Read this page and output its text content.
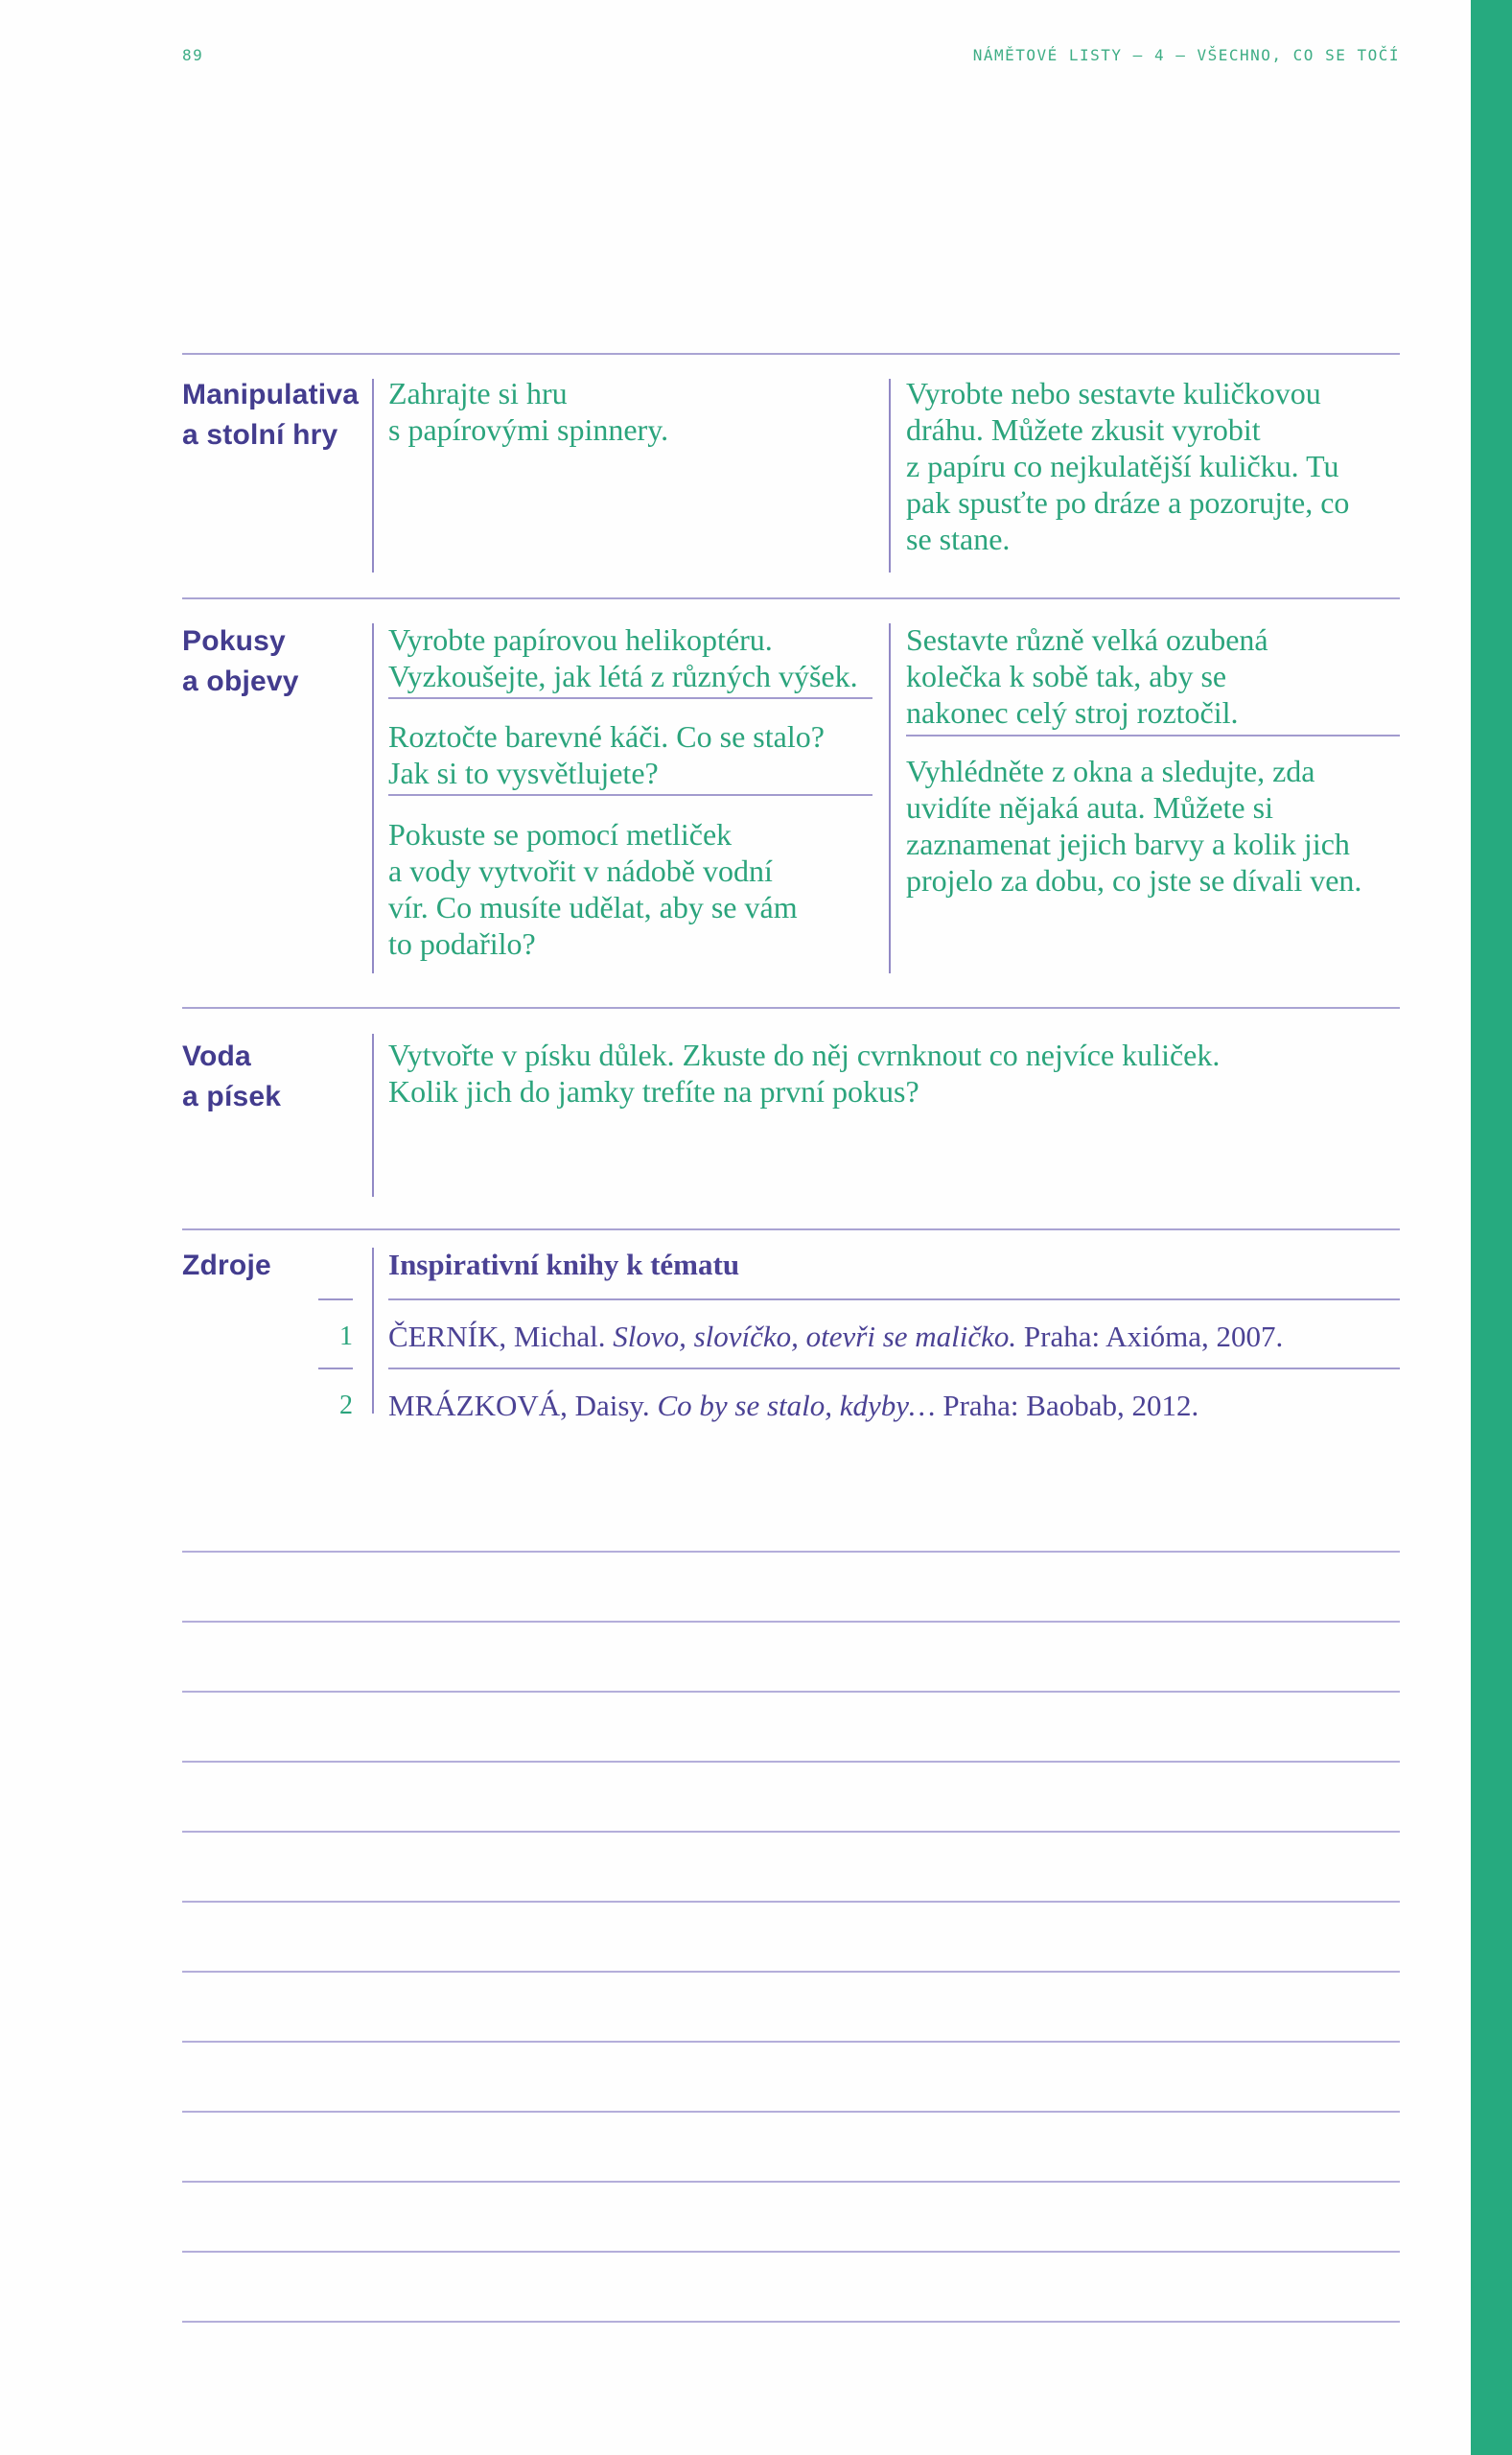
89	NÁMĚTOVÉ LISTY – 4 – VŠECHNO, CO SE TOČÍ
Manipulativa
a stolní hry
Zahrajte si hru
s papírovými spinnery.
Vyrobte nebo sestavte kuličkovou
dráhu. Můžete zkusit vyrobit
z papíru co nejkulatější kuličku. Tu
pak spusťte po dráze a pozorujte, co
se stane.
Pokusy
a objevy
Vyrobte papírovou helikoptéru.
Vyzkoušejte, jak létá z různých výšek.
Roztočte barevné káči. Co se stalo?
Jak si to vysvětlujete?
Pokuste se pomocí metliček
a vody vytvořit v nádobě vodní
vír. Co musíte udělat, aby se vám
to podařilo?
Sestavte různě velká ozubená
kolečka k sobě tak, aby se
nakonec celý stroj roztočil.
Vyhlédněte z okna a sledujte, zda
uvidíte nějaká auta. Můžete si
zaznamenat jejich barvy a kolik jich
projelo za dobu, co jste se dívali ven.
Voda
a písek
Vytvořte v písku důlek. Zkuste do něj cvrnknout co nejvíce kuliček.
Kolik jich do jamky trefíte na první pokus?
Zdroje	Inspirativní knihy k tématu
1 ČERNÍK, Michal. Slovo, slovíčko, otevři se maličko. Praha: Axióma, 2007.
2 MRÁZKOVÁ, Daisy. Co by se stalo, kdyby… Praha: Baobab, 2012.
